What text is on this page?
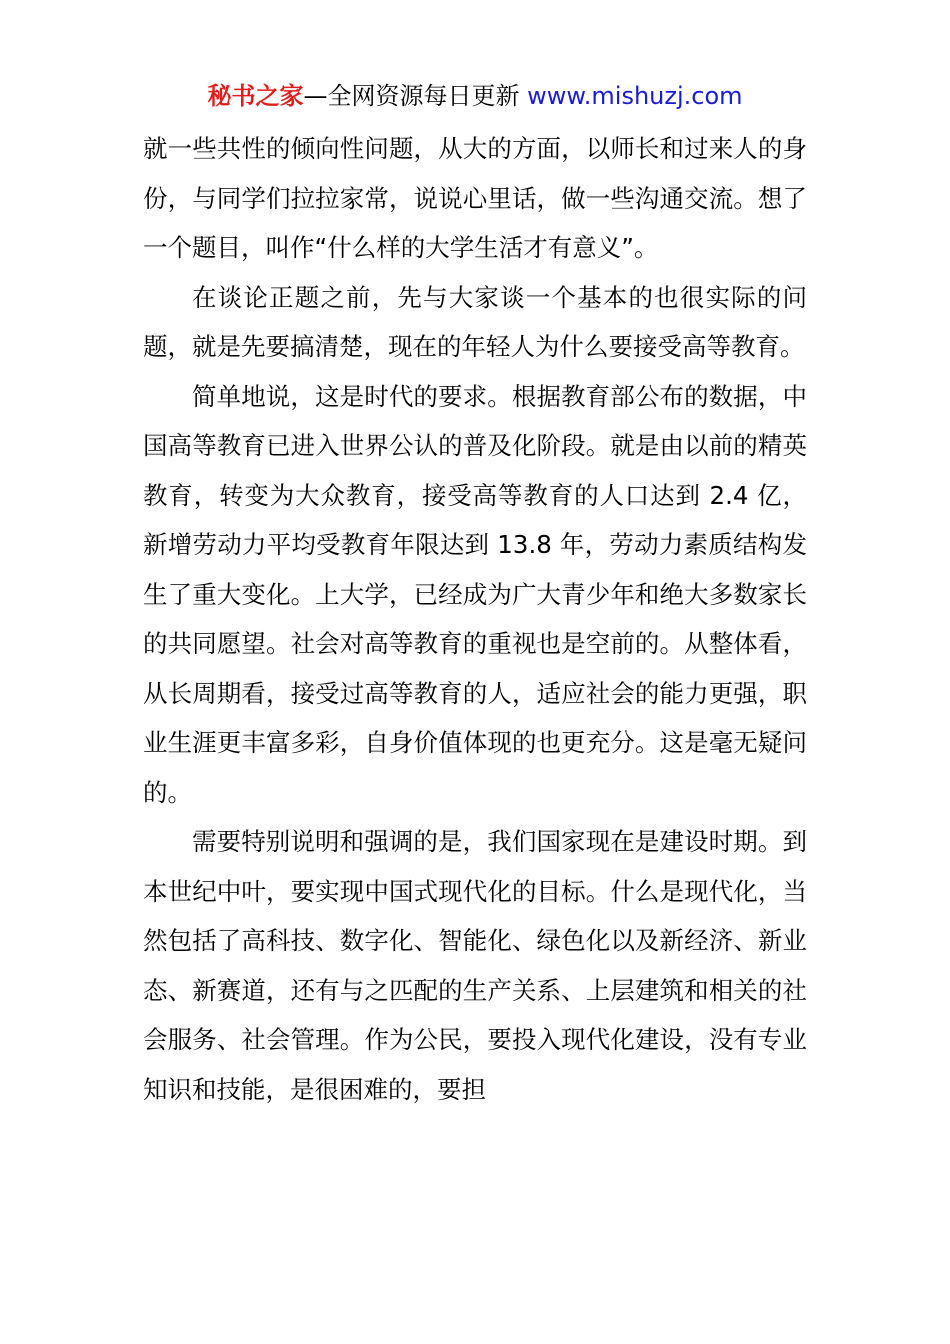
秘书之家—全网资源每日更新 www.mishuzj.com

就一些共性的倾向性问题，从大的方面，以师长和过来人的身份，与同学们拉拉家常，说说心里话，做一些沟通交流。想了一个题目，叫作“什么样的大学生活才有意义”。

在谈论正题之前，先与大家谈一个基本的也很实际的问题，就是先要搞清楚，现在的年轻人为什么要接受高等教育。

简单地说，这是时代的要求。根据教育部公布的数据，中国高等教育已进入世界公认的普及化阶段。就是由以前的精英教育，转变为大众教育，接受高等教育的人口达到 2.4 亿，新增劳动力平均受教育年限达到 13.8 年，劳动力素质结构发生了重大变化。上大学，已经成为广大青少年和绝大多数家长的共同愿望。社会对高等教育的重视也是空前的。从整体看，从长周期看，接受过高等教育的人，适应社会的能力更强，职业生涯更丰富多彩，自身价值体现的也更充分。这是毫无疑问的。

需要特别说明和强调的是，我们国家现在是建设时期。到本世纪中叶，要实现中国式现代化的目标。什么是现代化，当然包括了高科技、数字化、智能化、绿色化以及新经济、新业态、新赛道，还有与之匹配的生产关系、上层建筑和相关的社会服务、社会管理。作为公民，要投入现代化建设，没有专业知识和技能，是很困难的，要担
